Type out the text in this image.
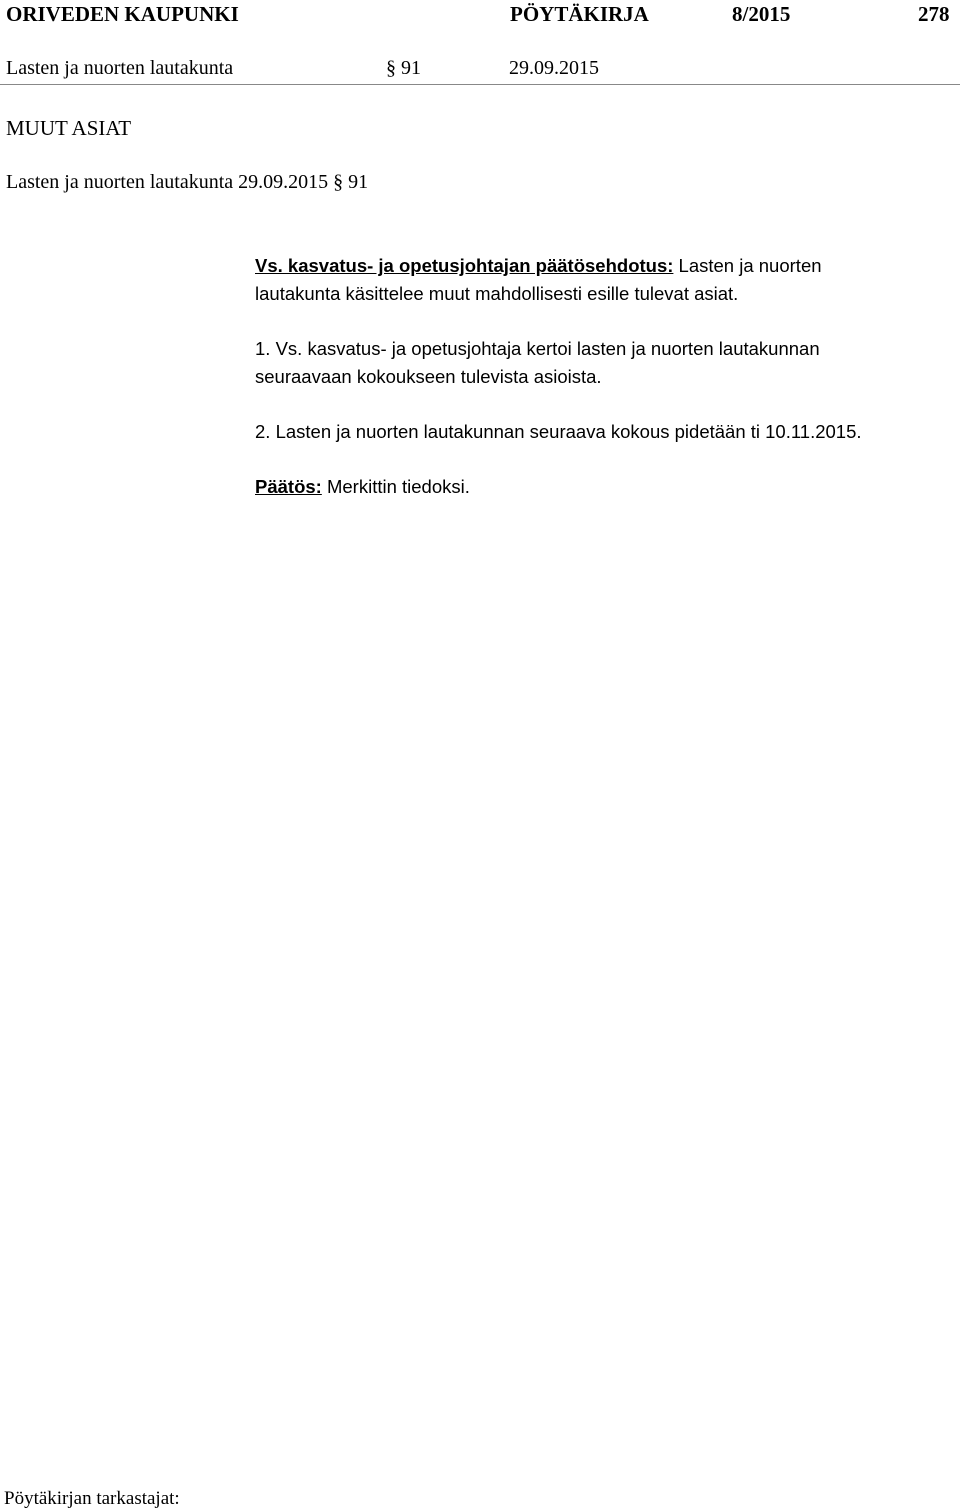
ORIVEDEN KAUPUNKI	PÖYTÄKIRJA	8/2015	278
Lasten ja nuorten lautakunta	§ 91	29.09.2015
MUUT ASIAT
Lasten ja nuorten lautakunta 29.09.2015 § 91
Vs. kasvatus- ja opetusjohtajan päätösehdotus: Lasten ja nuorten
lautakunta käsittelee muut mahdollisesti esille tulevat asiat.
1. Vs. kasvatus- ja opetusjohtaja kertoi lasten ja nuorten lautakunnan
seuraavaan kokoukseen tulevista asioista.
2. Lasten ja nuorten lautakunnan seuraava kokous pidetään ti 10.11.2015.
Päätös: Merkittin tiedoksi.
Pöytäkirjan tarkastajat:
